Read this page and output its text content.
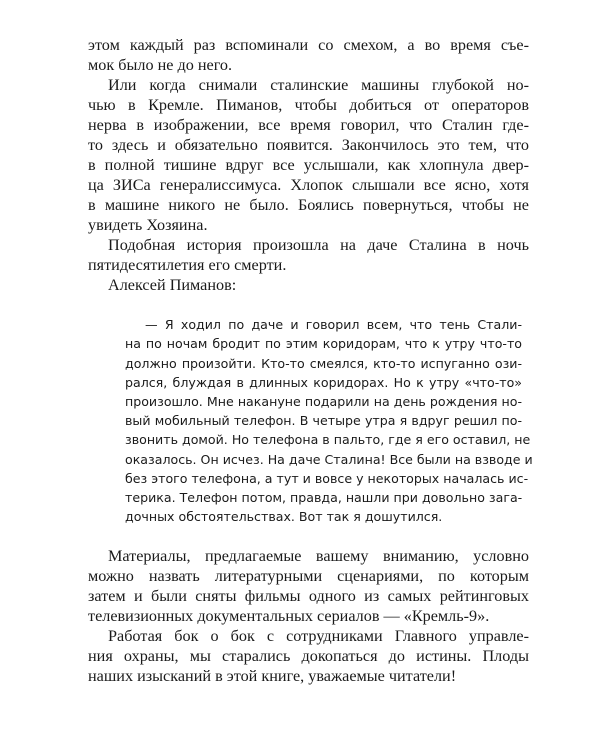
этом каждый раз вспоминали со смехом, а во время съе-
мок было не до него.
Или когда снимали сталинские машины глубокой но-
чью в Кремле. Пиманов, чтобы добиться от операторов
нерва в изображении, все время говорил, что Сталин где-
то здесь и обязательно появится. Закончилось это тем, что
в полной тишине вдруг все услышали, как хлопнула двер-
ца ЗИСа генералиссимуса. Хлопок слышали все ясно, хотя
в машине никого не было. Боялись повернуться, чтобы не
увидеть Хозяина.
Подобная история произошла на даче Сталина в ночь
пятидесятилетия его смерти.
Алексей Пиманов:
— Я ходил по даче и говорил всем, что тень Стали-
на по ночам бродит по этим коридорам, что к утру что-то
должно произойти. Кто-то смеялся, кто-то испуганно ози-
рался, блуждая в длинных коридорах. Но к утру «что-то»
произошло. Мне накануне подарили на день рождения но-
вый мобильный телефон. В четыре утра я вдруг решил по-
звонить домой. Но телефона в пальто, где я его оставил, не
оказалось. Он исчез. На даче Сталина! Все были на взводе и
без этого телефона, а тут и вовсе у некоторых началась ис-
терика. Телефон потом, правда, нашли при довольно зага-
дочных обстоятельствах. Вот так я дошутился.
Материалы, предлагаемые вашему вниманию, условно
можно назвать литературными сценариями, по которым
затем и были сняты фильмы одного из самых рейтинговых
телевизионных документальных сериалов — «Кремль-9».
Работая бок о бок с сотрудниками Главного управле-
ния охраны, мы старались докопаться до истины. Плоды
наших изысканий в этой книге, уважаемые читатели!
